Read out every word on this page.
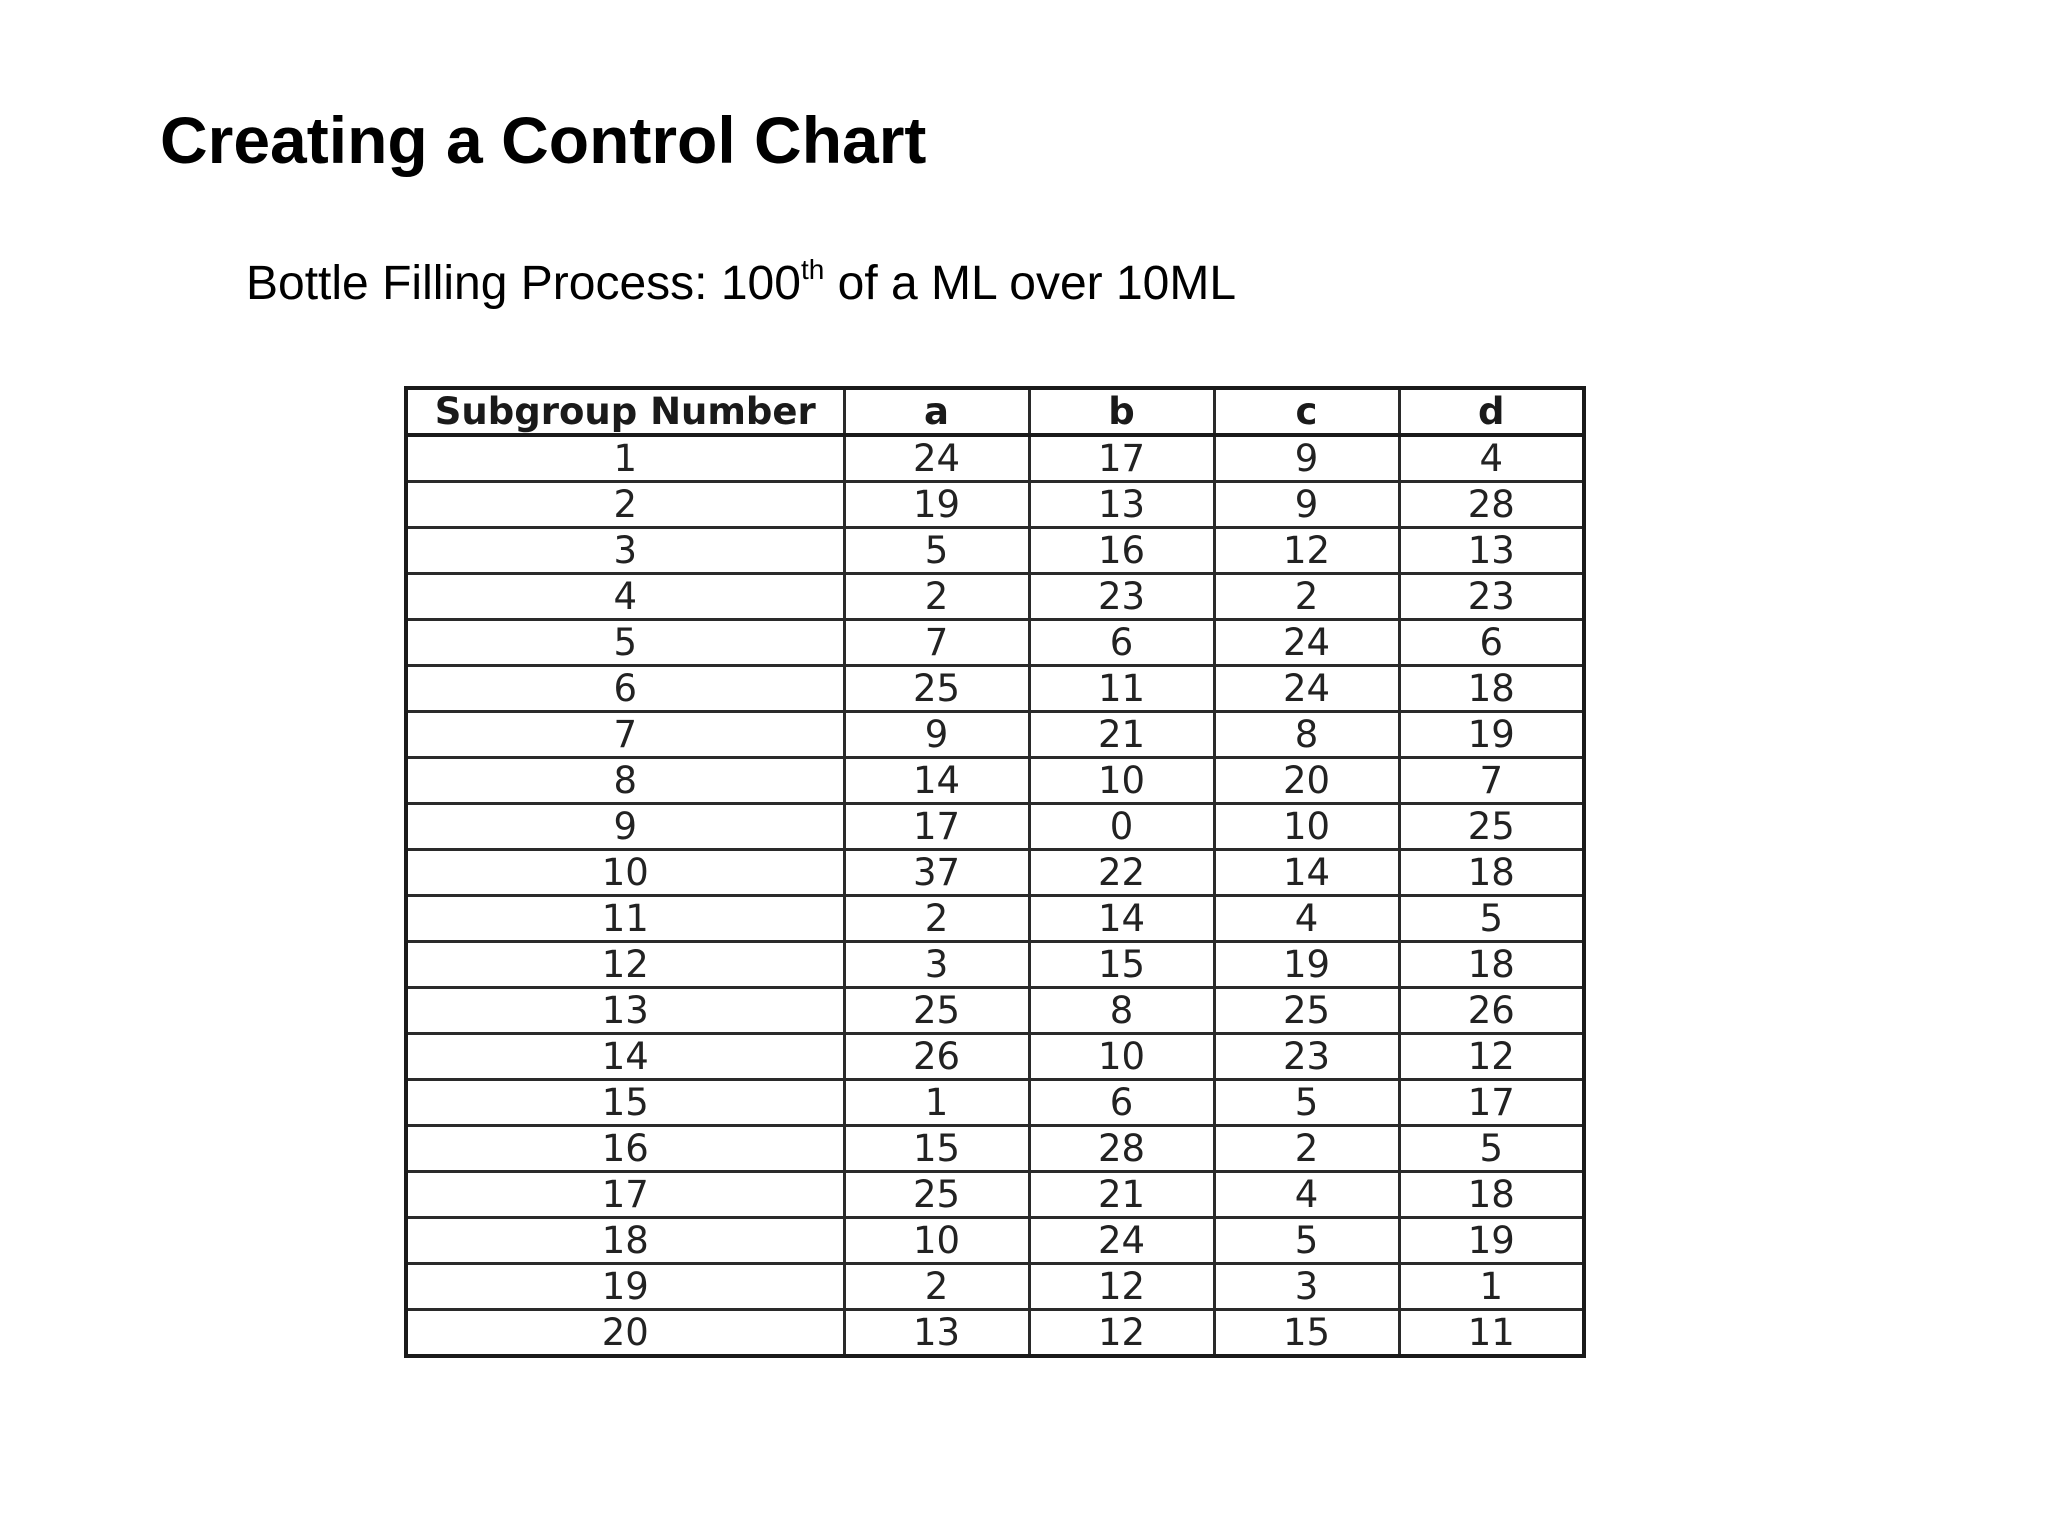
Creating a Control Chart

Bottle Filling Process: 100th of a ML over 10ML

Subgroup Number	a	b	c	d
1	24	17	9	4
2	19	13	9	28
3	5	16	12	13
4	2	23	2	23
5	7	6	24	6
6	25	11	24	18
7	9	21	8	19
8	14	10	20	7
9	17	0	10	25
10	37	22	14	18
11	2	14	4	5
12	3	15	19	18
13	25	8	25	26
14	26	10	23	12
15	1	6	5	17
16	15	28	2	5
17	25	21	4	18
18	10	24	5	19
19	2	12	3	1
20	13	12	15	11
